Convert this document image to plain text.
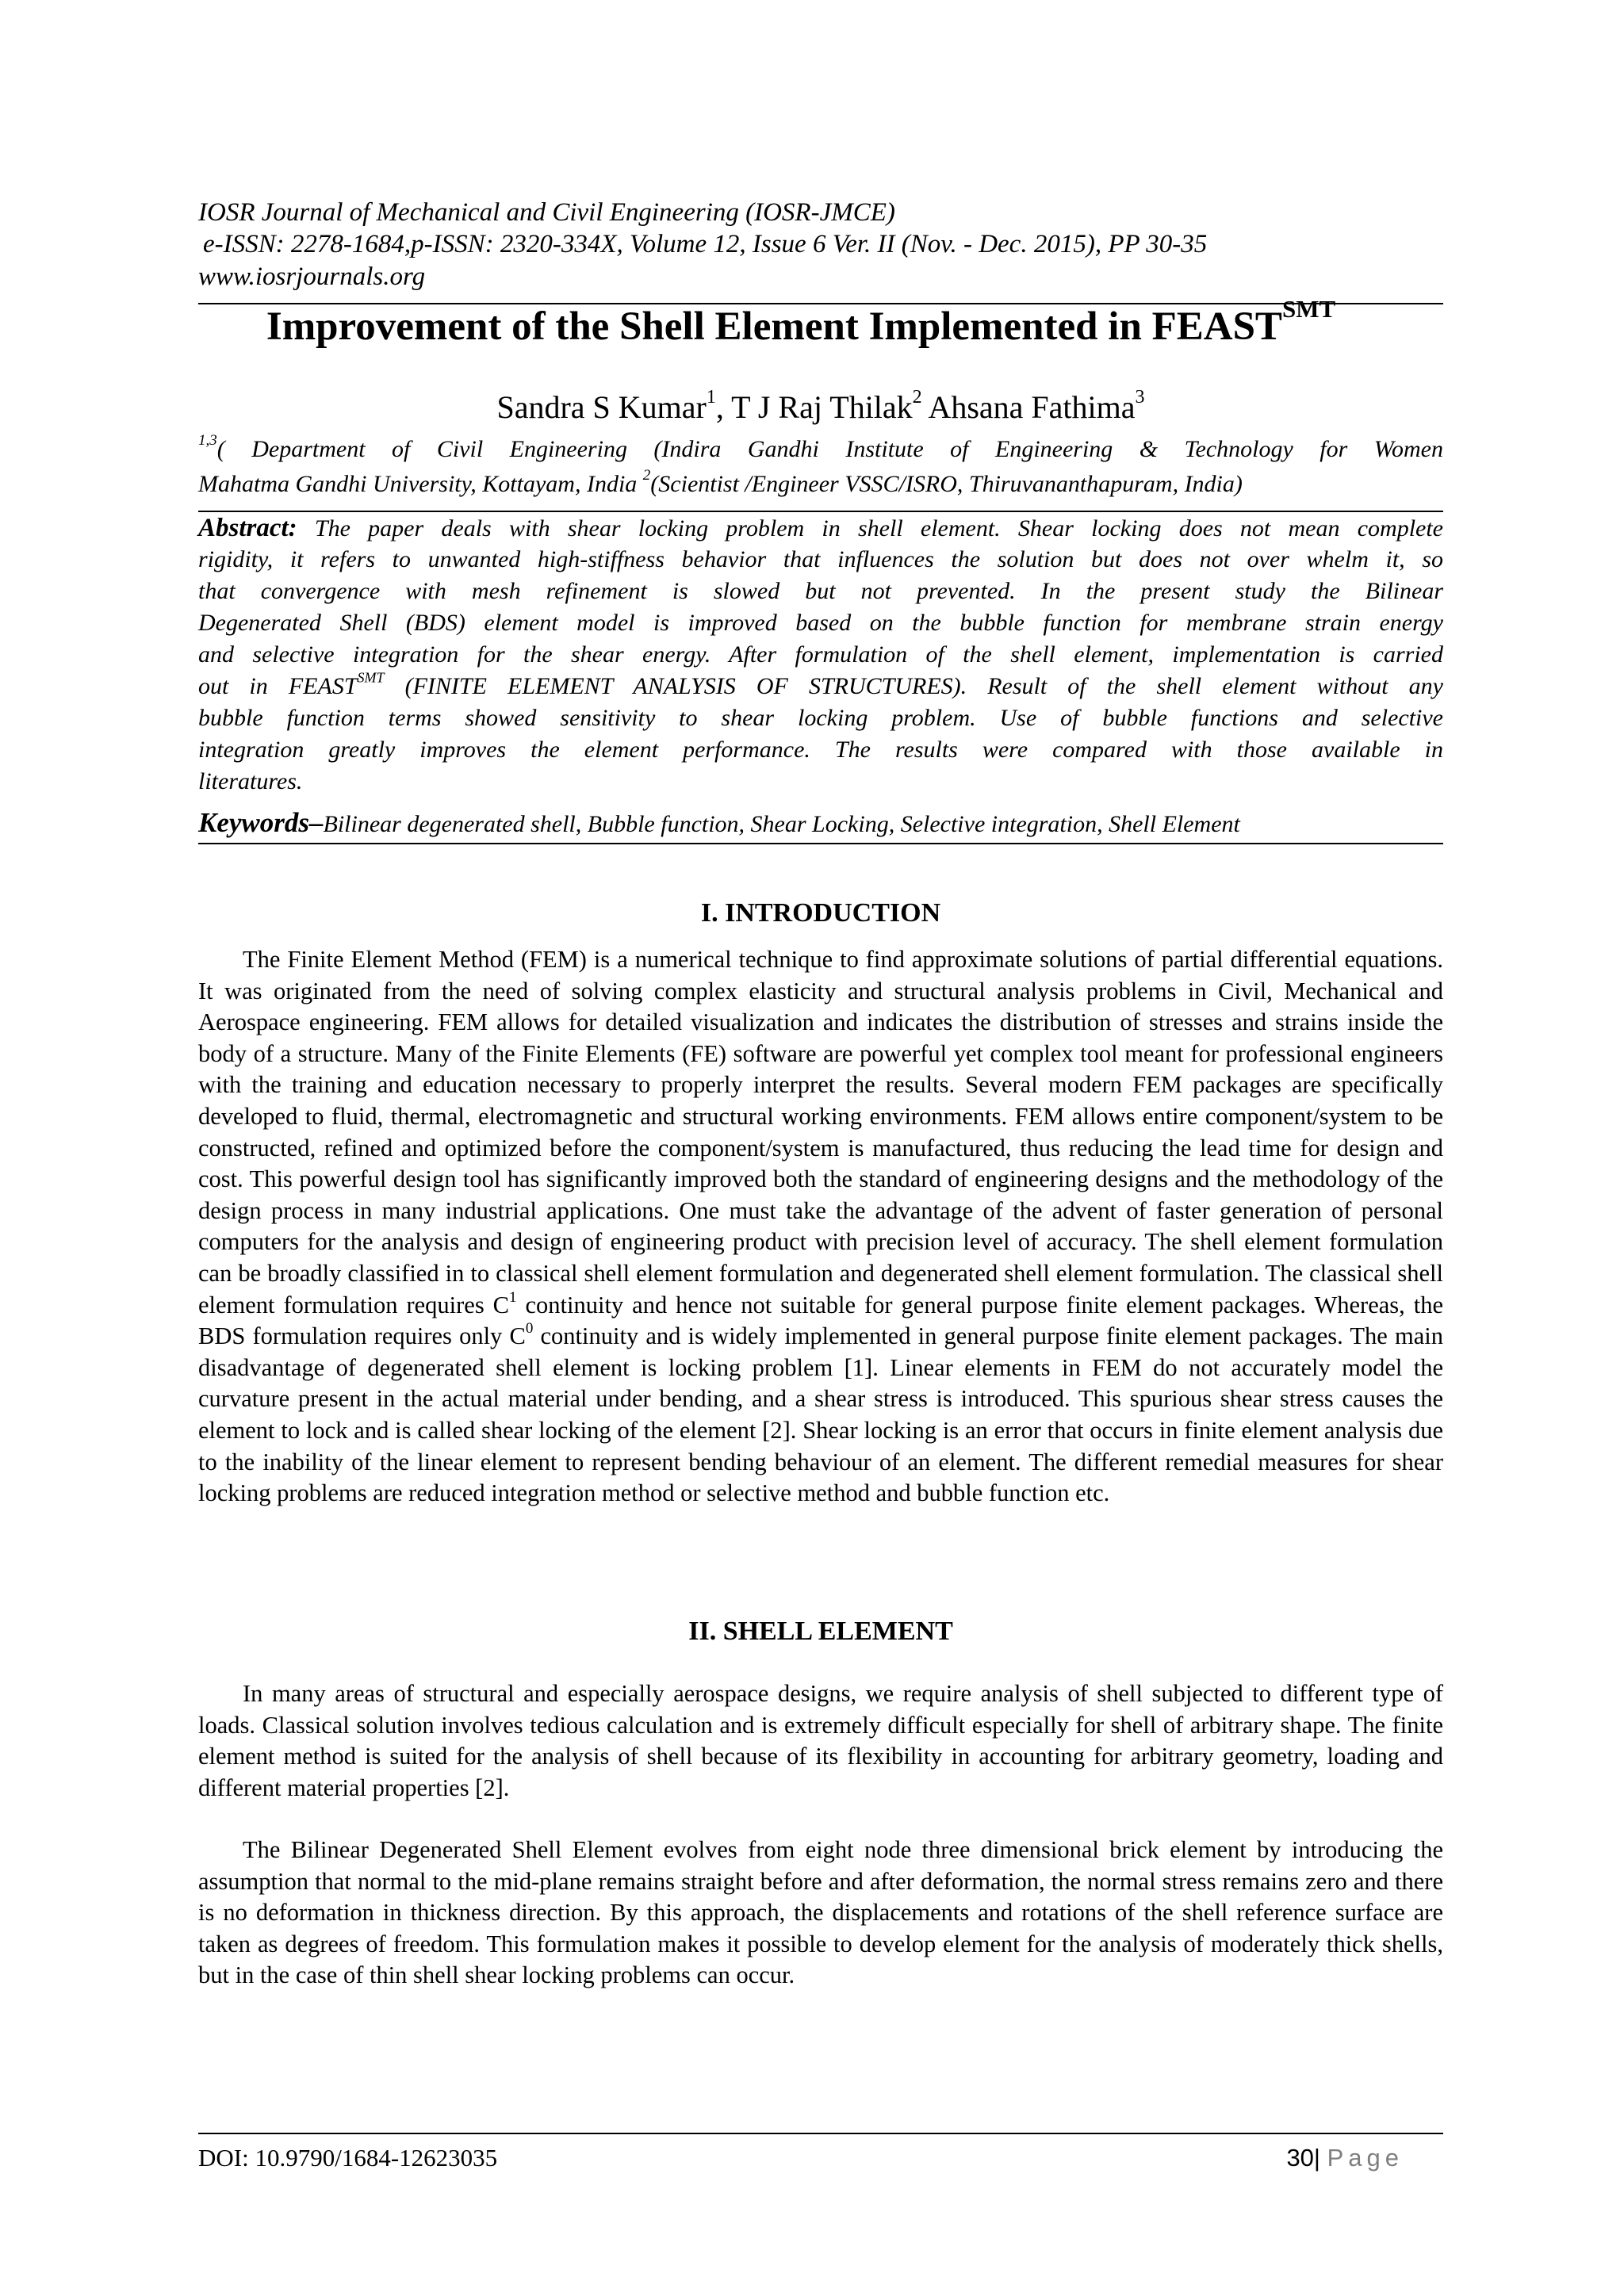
IOSR Journal of Mechanical and Civil Engineering (IOSR-JMCE)
e-ISSN: 2278-1684,p-ISSN: 2320-334X, Volume 12, Issue 6 Ver. II (Nov. - Dec. 2015), PP 30-35
www.iosrjournals.org
Improvement of the Shell Element Implemented in $FEAST^{SMT}$
Sandra S Kumar$^1$, T J Raj Thilak$^2$ Ahsana Fathima$^3$
$^{1,3}$( Department of Civil Engineering (Indira Gandhi Institute of Engineering & Technology for Women
Mahatma Gandhi University, Kottayam, India $^2$(Scientist /Engineer VSSC/ISRO, Thiruvananthapuram, India)
Abstract: The paper deals with shear locking problem in shell element. Shear locking does not mean complete
rigidity, it refers to unwanted high-stiffness behavior that influences the solution but does not over whelm it, so
that convergence with mesh refinement is slowed but not prevented. In the present study the Bilinear
Degenerated Shell (BDS) element model is improved based on the bubble function for membrane strain energy
and selective integration for the shear energy. After formulation of the shell element, implementation is carried
out in $FEAST^{SMT}$ (FINITE ELEMENT ANALYSIS OF STRUCTURES). Result of the shell element without any
bubble function terms showed sensitivity to shear locking problem. Use of bubble functions and selective
integration greatly improves the element performance. The results were compared with those available in
literatures.
Keywords–Bilinear degenerated shell, Bubble function, Shear Locking, Selective integration, Shell Element
I. INTRODUCTION

The Finite Element Method (FEM) is a numerical technique to find approximate solutions of partial differential equations. It was originated from the need of solving complex elasticity and structural analysis problems in Civil, Mechanical and Aerospace engineering. FEM allows for detailed visualization and indicates the distribution of stresses and strains inside the body of a structure. Many of the Finite Elements (FE) software are powerful yet complex tool meant for professional engineers with the training and education necessary to properly interpret the results. Several modern FEM packages are specifically developed to fluid, thermal, electromagnetic and structural working environments. FEM allows entire component/system to be constructed, refined and optimized before the component/system is manufactured, thus reducing the lead time for design and cost. This powerful design tool has significantly improved both the standard of engineering designs and the methodology of the design process in many industrial applications. One must take the advantage of the advent of faster generation of personal computers for the analysis and design of engineering product with precision level of accuracy. The shell element formulation can be broadly classified in to classical shell element formulation and degenerated shell element formulation. The classical shell element formulation requires $C^1$ continuity and hence not suitable for general purpose finite element packages. Whereas, the BDS formulation requires only $C^0$ continuity and is widely implemented in general purpose finite element packages. The main disadvantage of degenerated shell element is locking problem [1]. Linear elements in FEM do not accurately model the curvature present in the actual material under bending, and a shear stress is introduced. This spurious shear stress causes the element to lock and is called shear locking of the element [2]. Shear locking is an error that occurs in finite element analysis due to the inability of the linear element to represent bending behaviour of an element. The different remedial measures for shear locking problems are reduced integration method or selective method and bubble function etc.

II. SHELL ELEMENT

In many areas of structural and especially aerospace designs, we require analysis of shell subjected to different type of loads. Classical solution involves tedious calculation and is extremely difficult especially for shell of arbitrary shape. The finite element method is suited for the analysis of shell because of its flexibility in accounting for arbitrary geometry, loading and different material properties [2].

The Bilinear Degenerated Shell Element evolves from eight node three dimensional brick element by introducing the assumption that normal to the mid-plane remains straight before and after deformation, the normal stress remains zero and there is no deformation in thickness direction. By this approach, the displacements and rotations of the shell reference surface are taken as degrees of freedom. This formulation makes it possible to develop element for the analysis of moderately thick shells, but in the case of thin shell shear locking problems can occur.

DOI: 10.9790/1684-12623035	30| Page
